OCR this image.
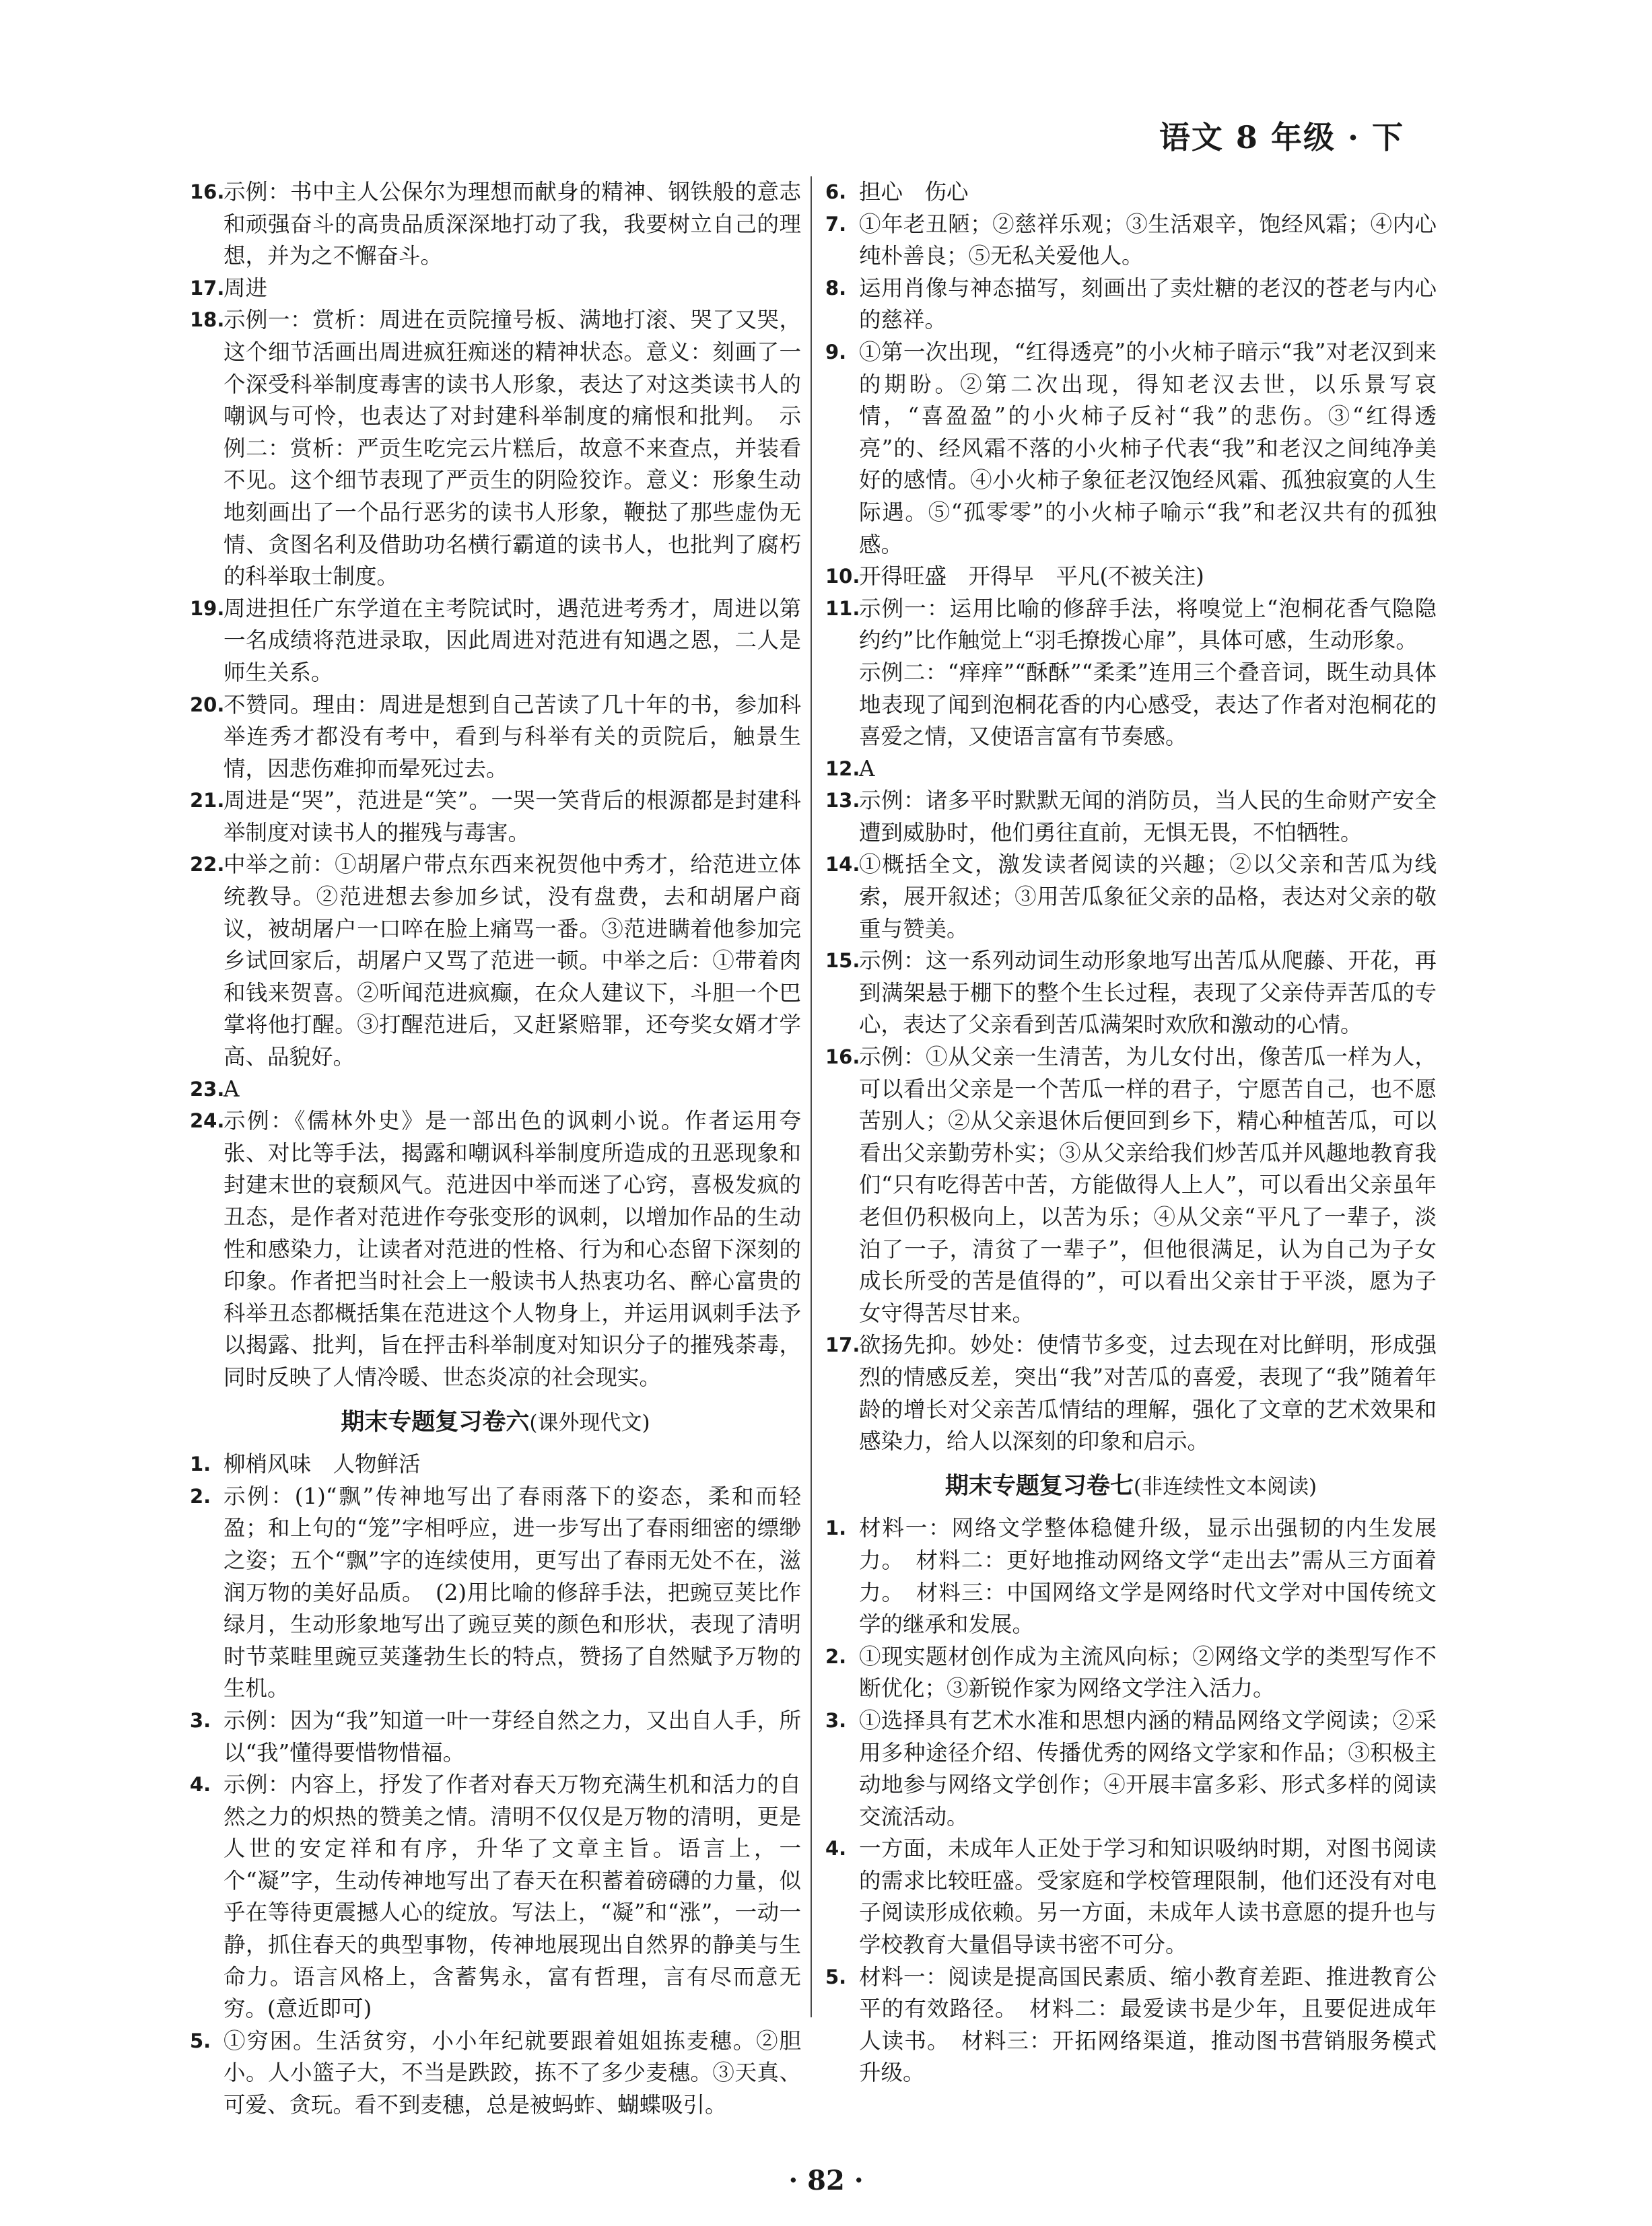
语文 8 年级 · 下
16.
示例：书中主人公保尔为理想而献身的精神、钢铁般的意志和顽强奋斗的高贵品质深深地打动了我，我要树立自己的理想，并为之不懈奋斗。
17.
周进
18.
示例一：赏析：周进在贡院撞号板、满地打滚、哭了又哭，这个细节活画出周进疯狂痴迷的精神状态。意义：刻画了一个深受科举制度毒害的读书人形象，表达了对这类读书人的嘲讽与可怜，也表达了对封建科举制度的痛恨和批判。　示例二：赏析：严贡生吃完云片糕后，故意不来查点，并装看不见。这个细节表现了严贡生的阴险狡诈。意义：形象生动地刻画出了一个品行恶劣的读书人形象，鞭挞了那些虚伪无情、贪图名利及借助功名横行霸道的读书人，也批判了腐朽的科举取士制度。
19.
周进担任广东学道在主考院试时，遇范进考秀才，周进以第一名成绩将范进录取，因此周进对范进有知遇之恩，二人是师生关系。
20.
不赞同。理由：周进是想到自己苦读了几十年的书，参加科举连秀才都没有考中，看到与科举有关的贡院后，触景生情，因悲伤难抑而晕死过去。
21.
周进是“哭”，范进是“笑”。一哭一笑背后的根源都是封建科举制度对读书人的摧残与毒害。
22.
中举之前：①胡屠户带点东西来祝贺他中秀才，给范进立体统教导。②范进想去参加乡试，没有盘费，去和胡屠户商议，被胡屠户一口啐在脸上痛骂一番。③范进瞒着他参加完乡试回家后，胡屠户又骂了范进一顿。中举之后：①带着肉和钱来贺喜。②听闻范进疯癫，在众人建议下，斗胆一个巴掌将他打醒。③打醒范进后，又赶紧赔罪，还夸奖女婿才学高、品貌好。
23.
A
24.
示例：《儒林外史》是一部出色的讽刺小说。作者运用夸张、对比等手法，揭露和嘲讽科举制度所造成的丑恶现象和封建末世的衰颓风气。范进因中举而迷了心窍，喜极发疯的丑态，是作者对范进作夸张变形的讽刺，以增加作品的生动性和感染力，让读者对范进的性格、行为和心态留下深刻的印象。作者把当时社会上一般读书人热衷功名、醉心富贵的科举丑态都概括集在范进这个人物身上，并运用讽刺手法予以揭露、批判，旨在抨击科举制度对知识分子的摧残荼毒，同时反映了人情冷暖、世态炎凉的社会现实。
期末专题复习卷六(课外现代文)
1. 柳梢风味　人物鲜活
2. 示例：(1)“飘”传神地写出了春雨落下的姿态，柔和而轻盈；和上句的“笼”字相呼应，进一步写出了春雨细密的缥缈之姿；五个“飘”字的连续使用，更写出了春雨无处不在，滋润万物的美好品质。　(2)用比喻的修辞手法，把豌豆荚比作绿月，生动形象地写出了豌豆荚的颜色和形状，表现了清明时节菜畦里豌豆荚蓬勃生长的特点，赞扬了自然赋予万物的生机。
3. 示例：因为“我”知道一叶一芽经自然之力，又出自人手，所以“我”懂得要惜物惜福。
4. 示例：内容上，抒发了作者对春天万物充满生机和活力的自然之力的炽热的赞美之情。清明不仅仅是万物的清明，更是人世的安定祥和有序，升华了文章主旨。语言上，一个“凝”字，生动传神地写出了春天在积蓄着磅礴的力量，似乎在等待更震撼人心的绽放。写法上，“凝”和“涨”，一动一静，抓住春天的典型事物，传神地展现出自然界的静美与生命力。语言风格上，含蓄隽永，富有哲理，言有尽而意无穷。(意近即可)
5. ①穷困。生活贫穷，小小年纪就要跟着姐姐拣麦穗。②胆小。人小篮子大，不当是跌跤，拣不了多少麦穗。③天真、可爱、贪玩。看不到麦穗，总是被蚂蚱、蝴蝶吸引。
6. 担心　伤心
7. ①年老丑陋；②慈祥乐观；③生活艰辛，饱经风霜；④内心纯朴善良；⑤无私关爱他人。
8. 运用肖像与神态描写，刻画出了卖灶糖的老汉的苍老与内心的慈祥。
9. ①第一次出现，“红得透亮”的小火柿子暗示“我”对老汉到来的期盼。②第二次出现，得知老汉去世，以乐景写哀情，“喜盈盈”的小火柿子反衬“我”的悲伤。③“红得透亮”的、经风霜不落的小火柿子代表“我”和老汉之间纯净美好的感情。④小火柿子象征老汉饱经风霜、孤独寂寞的人生际遇。⑤“孤零零”的小火柿子喻示“我”和老汉共有的孤独感。
10.
开得旺盛　开得早　平凡(不被关注)
11.
示例一：运用比喻的修辞手法，将嗅觉上“泡桐花香气隐隐约约”比作触觉上“羽毛撩拨心扉”，具体可感，生动形象。
示例二：“痒痒”“酥酥”“柔柔”连用三个叠音词，既生动具体地表现了闻到泡桐花香的内心感受，表达了作者对泡桐花的喜爱之情，又使语言富有节奏感。
12.
A
13.
示例：诸多平时默默无闻的消防员，当人民的生命财产安全遭到威胁时，他们勇往直前，无惧无畏，不怕牺牲。
14.
①概括全文，激发读者阅读的兴趣；②以父亲和苦瓜为线索，展开叙述；③用苦瓜象征父亲的品格，表达对父亲的敬重与赞美。
15.
示例：这一系列动词生动形象地写出苦瓜从爬藤、开花，再到满架悬于棚下的整个生长过程，表现了父亲侍弄苦瓜的专心，表达了父亲看到苦瓜满架时欢欣和激动的心情。
16.
示例：①从父亲一生清苦，为儿女付出，像苦瓜一样为人，可以看出父亲是一个苦瓜一样的君子，宁愿苦自己，也不愿苦别人；②从父亲退休后便回到乡下，精心种植苦瓜，可以看出父亲勤劳朴实；③从父亲给我们炒苦瓜并风趣地教育我们“只有吃得苦中苦，方能做得人上人”，可以看出父亲虽年老但仍积极向上，以苦为乐；④从父亲“平凡了一辈子，淡泊了一子，清贫了一辈子”，但他很满足，认为自己为子女成长所受的苦是值得的”，可以看出父亲甘于平淡，愿为子女守得苦尽甘来。
17.
欲扬先抑。妙处：使情节多变，过去现在对比鲜明，形成强烈的情感反差，突出“我”对苦瓜的喜爱，表现了“我”随着年龄的增长对父亲苦瓜情结的理解，强化了文章的艺术效果和感染力，给人以深刻的印象和启示。
期末专题复习卷七(非连续性文本阅读)
1. 材料一：网络文学整体稳健升级，显示出强韧的内生发展力。　材料二：更好地推动网络文学“走出去”需从三方面着力。　材料三：中国网络文学是网络时代文学对中国传统文学的继承和发展。
2. ①现实题材创作成为主流风向标；②网络文学的类型写作不断优化；③新锐作家为网络文学注入活力。
3. ①选择具有艺术水准和思想内涵的精品网络文学阅读；②采用多种途径介绍、传播优秀的网络文学家和作品；③积极主动地参与网络文学创作；④开展丰富多彩、形式多样的阅读交流活动。
4. 一方面，未成年人正处于学习和知识吸纳时期，对图书阅读的需求比较旺盛。受家庭和学校管理限制，他们还没有对电子阅读形成依赖。另一方面，未成年人读书意愿的提升也与学校教育大量倡导读书密不可分。
5. 材料一：阅读是提高国民素质、缩小教育差距、推进教育公平的有效路径。　材料二：最爱读书是少年，且要促进成年人读书。　材料三：开拓网络渠道，推动图书营销服务模式升级。
· 82 ·
